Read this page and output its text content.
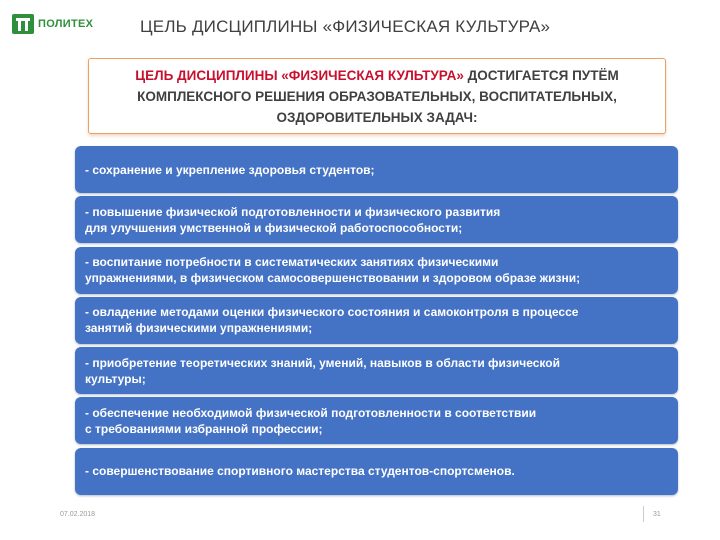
ПОЛИТЕХ	ЦЕЛЬ ДИСЦИПЛИНЫ «ФИЗИЧЕСКАЯ КУЛЬТУРА»
ЦЕЛЬ ДИСЦИПЛИНЫ «ФИЗИЧЕСКАЯ КУЛЬТУРА» ДОСТИГАЕТСЯ ПУТЁМ
КОМПЛЕКСНОГО РЕШЕНИЯ ОБРАЗОВАТЕЛЬНЫХ, ВОСПИТАТЕЛЬНЫХ,
ОЗДОРОВИТЕЛЬНЫХ ЗАДАЧ:
- сохранение и укрепление здоровья студентов;
- повышение физической подготовленности и физического развития
для улучшения умственной и физической работоспособности;
- воспитание потребности в систематических занятиях физическими
упражнениями, в физическом самосовершенствовании и здоровом образе жизни;
- овладение методами оценки физического состояния и самоконтроля в процессе
занятий физическими упражнениями;
- приобретение теоретических знаний, умений, навыков в области физической
культуры;
- обеспечение необходимой физической подготовленности в соответствии
с требованиями избранной профессии;
- совершенствование спортивного мастерства студентов-спортсменов.
07.02.2018	31
